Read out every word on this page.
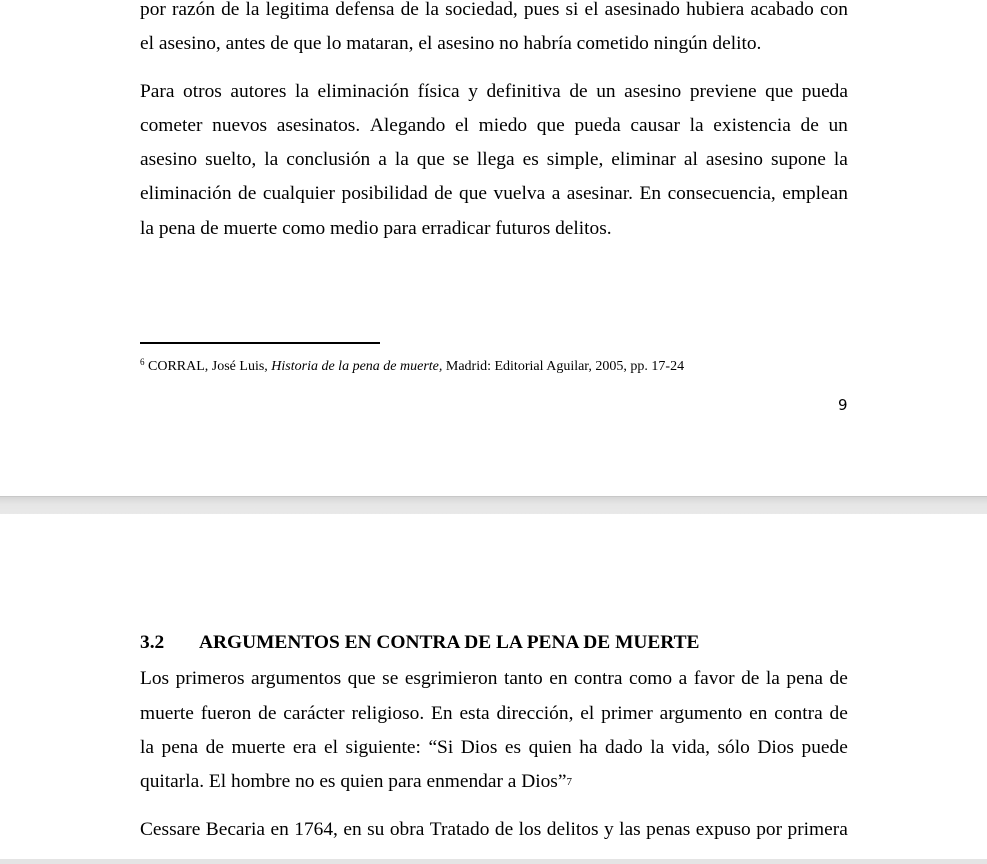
por razón de la legitima defensa de la sociedad, pues si el asesinado hubiera acabado con
el asesino, antes de que lo mataran, el asesino no habría cometido ningún delito.
Para otros autores la eliminación física y definitiva de un asesino previene que pueda
cometer nuevos asesinatos. Alegando el miedo que pueda causar la existencia de un
asesino suelto, la conclusión a la que se llega es simple, eliminar al asesino supone la
eliminación de cualquier posibilidad de que vuelva a asesinar. En consecuencia, emplean
la pena de muerte como medio para erradicar futuros delitos.
$^6$ CORRAL, José Luis, Historia de la pena de muerte, Madrid: Editorial Aguilar, 2005, pp. 17-24
9
3.2 ARGUMENTOS EN CONTRA DE LA PENA DE MUERTE
Los primeros argumentos que se esgrimieron tanto en contra como a favor de la pena de
muerte fueron de carácter religioso. En esta dirección, el primer argumento en contra de
la pena de muerte era el siguiente: “Si Dios es quien ha dado la vida, sólo Dios puede
quitarla. El hombre no es quien para enmendar a Dios” 7
Cessare Becaria en 1764, en su obra Tratado de los delitos y las penas expuso por primera
